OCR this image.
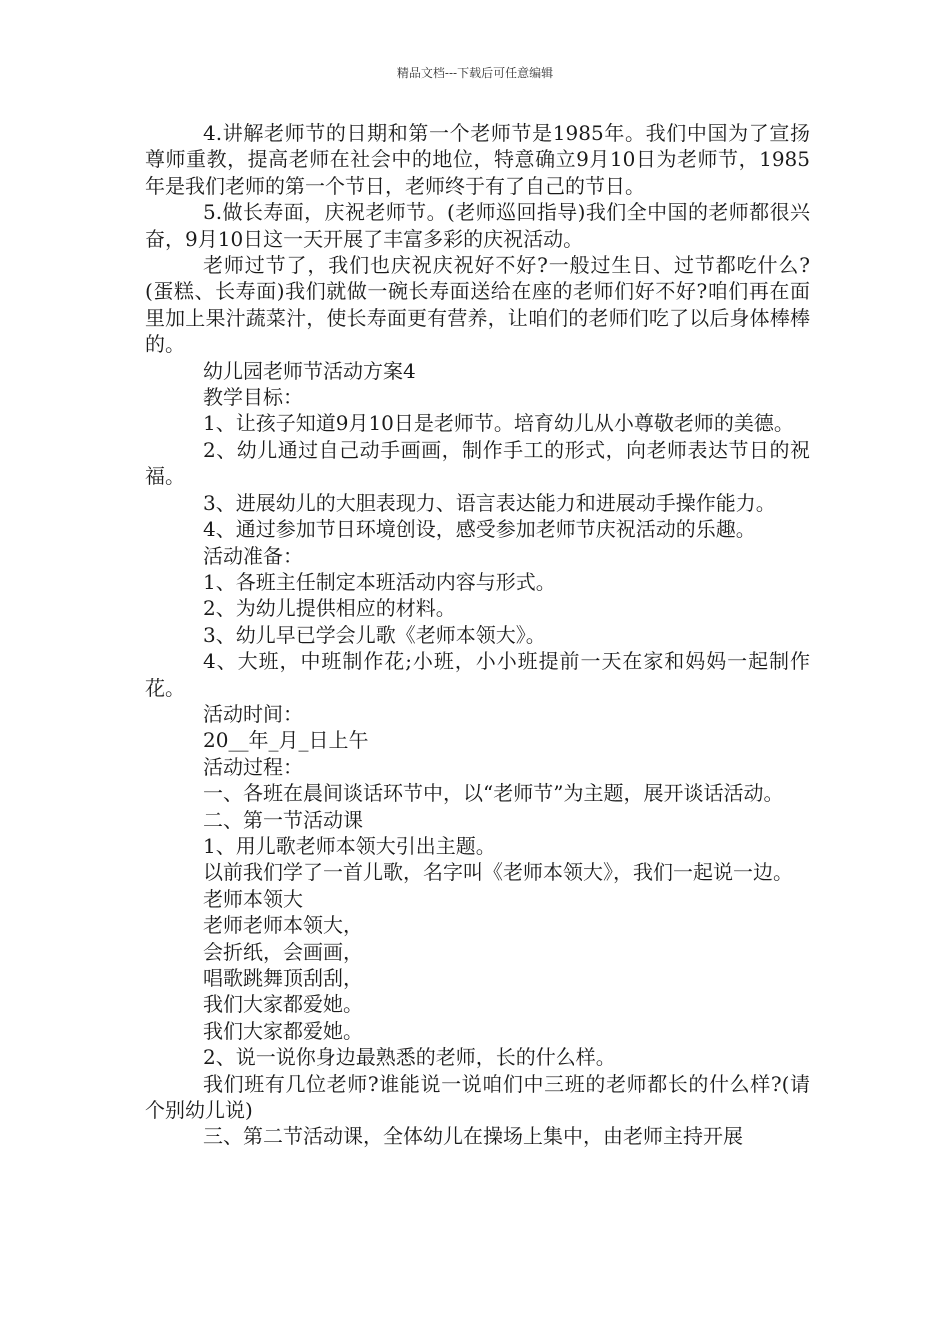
精品文档---下载后可任意编辑

4.讲解老师节的日期和第一个老师节是1985年。我们中国为了宣扬尊师重教，提高老师在社会中的地位，特意确立9月10日为老师节，1985年是我们老师的第一个节日，老师终于有了自己的节日。

5.做长寿面，庆祝老师节。(老师巡回指导)我们全中国的老师都很兴奋，9月10日这一天开展了丰富多彩的庆祝活动。

老师过节了，我们也庆祝庆祝好不好?一般过生日、过节都吃什么?(蛋糕、长寿面)我们就做一碗长寿面送给在座的老师们好不好?咱们再在面里加上果汁蔬菜汁，使长寿面更有营养，让咱们的老师们吃了以后身体棒棒的。

幼儿园老师节活动方案4

教学目标：

1、让孩子知道9月10日是老师节。培育幼儿从小尊敬老师的美德。

2、幼儿通过自己动手画画，制作手工的形式，向老师表达节日的祝福。

3、进展幼儿的大胆表现力、语言表达能力和进展动手操作能力。

4、通过参加节日环境创设，感受参加老师节庆祝活动的乐趣。

活动准备：

1、各班主任制定本班活动内容与形式。

2、为幼儿提供相应的材料。

3、幼儿早已学会儿歌《老师本领大》。

4、大班，中班制作花;小班，小小班提前一天在家和妈妈一起制作花。

活动时间：

20__年_月_日上午

活动过程：

一、各班在晨间谈话环节中，以“老师节”为主题，展开谈话活动。

二、第一节活动课

1、用儿歌老师本领大引出主题。

以前我们学了一首儿歌，名字叫《老师本领大》，我们一起说一边。

老师本领大

老师老师本领大，

会折纸，会画画，

唱歌跳舞顶刮刮，

我们大家都爱她。

我们大家都爱她。

2、说一说你身边最熟悉的老师，长的什么样。

我们班有几位老师?谁能说一说咱们中三班的老师都长的什么样?(请个别幼儿说)

三、第二节活动课，全体幼儿在操场上集中，由老师主持开展
